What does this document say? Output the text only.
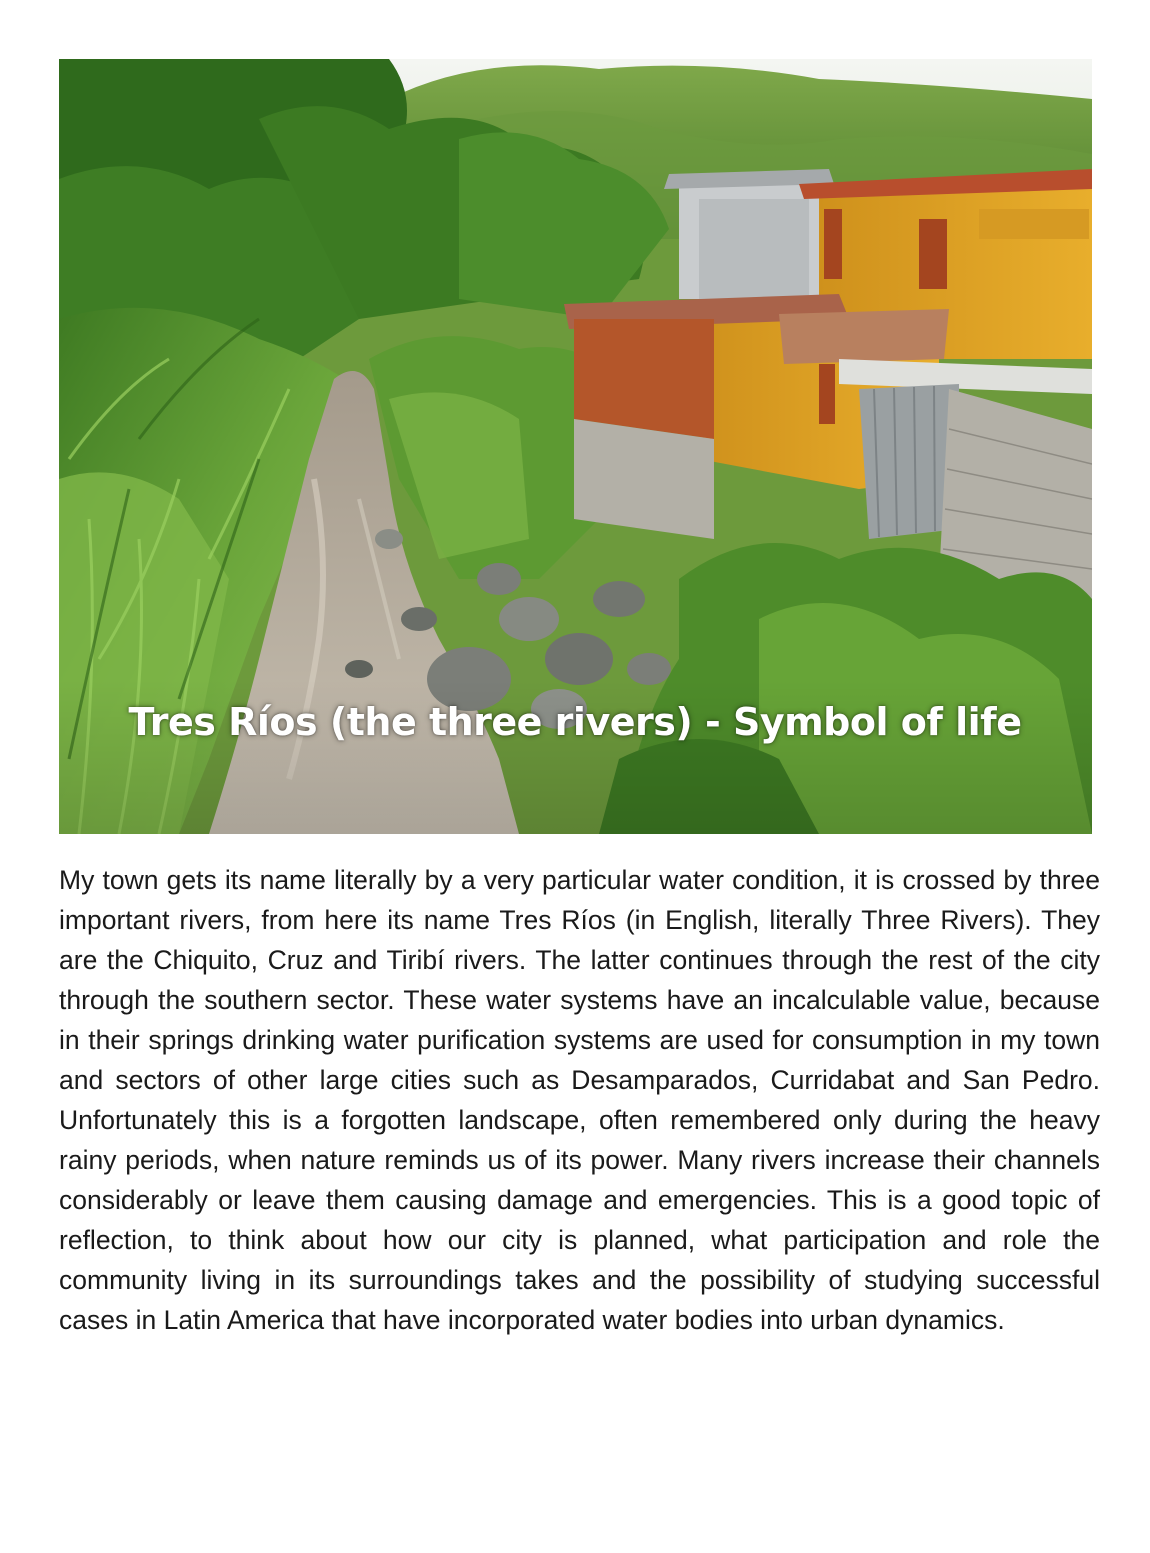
Tres Ríos (the three rivers) - Symbol of life

My town gets its name literally by a very particular water condition, it is crossed by three important rivers, from here its name Tres Ríos (in English, literally Three Rivers). They are the Chiquito, Cruz and Tiribí rivers. The latter continues through the rest of the city through the southern sector. These water systems have an incalculable value, because in their springs drinking water purification systems are used for consumption in my town and sectors of other large cities such as Desamparados, Curridabat and San Pedro. Unfortunately this is a forgotten landscape, often remembered only during the heavy rainy periods, when nature reminds us of its power. Many rivers increase their channels considerably or leave them causing damage and emergencies. This is a good topic of reflection, to think about how our city is planned, what participation and role the community living in its surroundings takes and the possibility of studying successful cases in Latin America that have incorporated water bodies into urban dynamics.
